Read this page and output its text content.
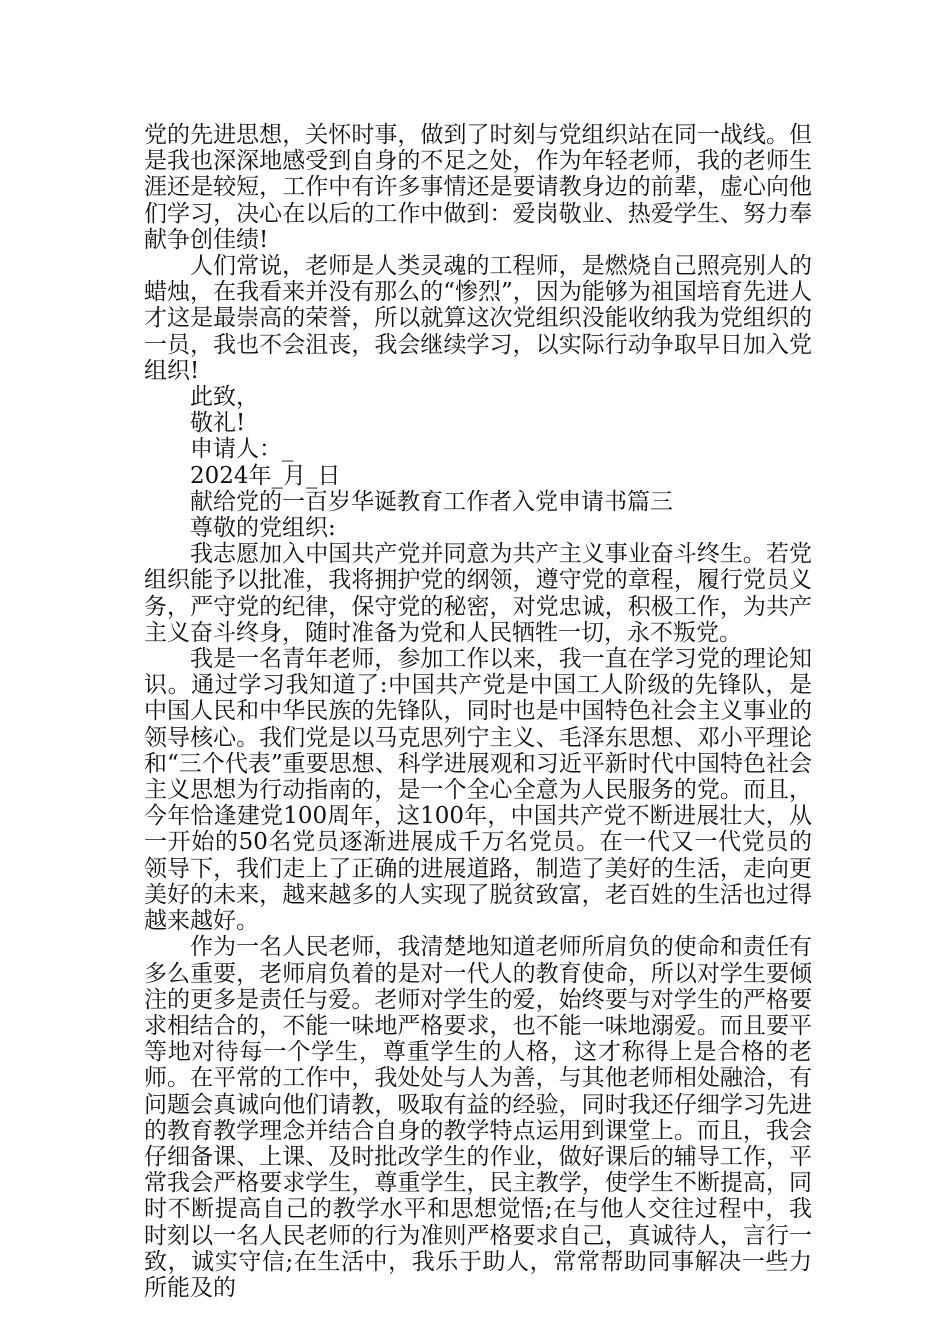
党的先进思想，关怀时事，做到了时刻与党组织站在同一战线。但是我也深深地感受到自身的不足之处，作为年轻老师，我的老师生涯还是较短，工作中有许多事情还是要请教身边的前辈，虚心向他们学习，决心在以后的工作中做到：爱岗敬业、热爱学生、努力奉献争创佳绩!

人们常说，老师是人类灵魂的工程师，是燃烧自己照亮别人的蜡烛，在我看来并没有那么的“惨烈”，因为能够为祖国培育先进人才这是最崇高的荣誉，所以就算这次党组织没能收纳我为党组织的一员，我也不会沮丧，我会继续学习，以实际行动争取早日加入党组织!

此致，

敬礼!

申请人：_

2024年_月_日

献给党的一百岁华诞教育工作者入党申请书篇三

尊敬的党组织:

我志愿加入中国共产党并同意为共产主义事业奋斗终生。若党组织能予以批准，我将拥护党的纲领，遵守党的章程，履行党员义务，严守党的纪律，保守党的秘密，对党忠诚，积极工作，为共产主义奋斗终身，随时准备为党和人民牺牲一切，永不叛党。

我是一名青年老师，参加工作以来，我一直在学习党的理论知识。通过学习我知道了:中国共产党是中国工人阶级的先锋队，是中国人民和中华民族的先锋队，同时也是中国特色社会主义事业的领导核心。我们党是以马克思列宁主义、毛泽东思想、邓小平理论和“三个代表”重要思想、科学进展观和习近平新时代中国特色社会主义思想为行动指南的，是一个全心全意为人民服务的党。而且，今年恰逢建党100周年，这100年，中国共产党不断进展壮大，从一开始的50名党员逐渐进展成千万名党员。在一代又一代党员的领导下，我们走上了正确的进展道路，制造了美好的生活，走向更美好的未来，越来越多的人实现了脱贫致富，老百姓的生活也过得越来越好。

作为一名人民老师，我清楚地知道老师所肩负的使命和责任有多么重要，老师肩负着的是对一代人的教育使命，所以对学生要倾注的更多是责任与爱。老师对学生的爱，始终要与对学生的严格要求相结合的，不能一味地严格要求，也不能一味地溺爱。而且要平等地对待每一个学生，尊重学生的人格，这才称得上是合格的老师。在平常的工作中，我处处与人为善，与其他老师相处融洽，有问题会真诚向他们请教，吸取有益的经验，同时我还仔细学习先进的教育教学理念并结合自身的教学特点运用到课堂上。而且，我会仔细备课、上课、及时批改学生的作业，做好课后的辅导工作，平常我会严格要求学生，尊重学生，民主教学，使学生不断提高，同时不断提高自己的教学水平和思想觉悟;在与他人交往过程中，我时刻以一名人民老师的行为准则严格要求自己，真诚待人，言行一致，诚实守信;在生活中，我乐于助人，常常帮助同事解决一些力所能及的
